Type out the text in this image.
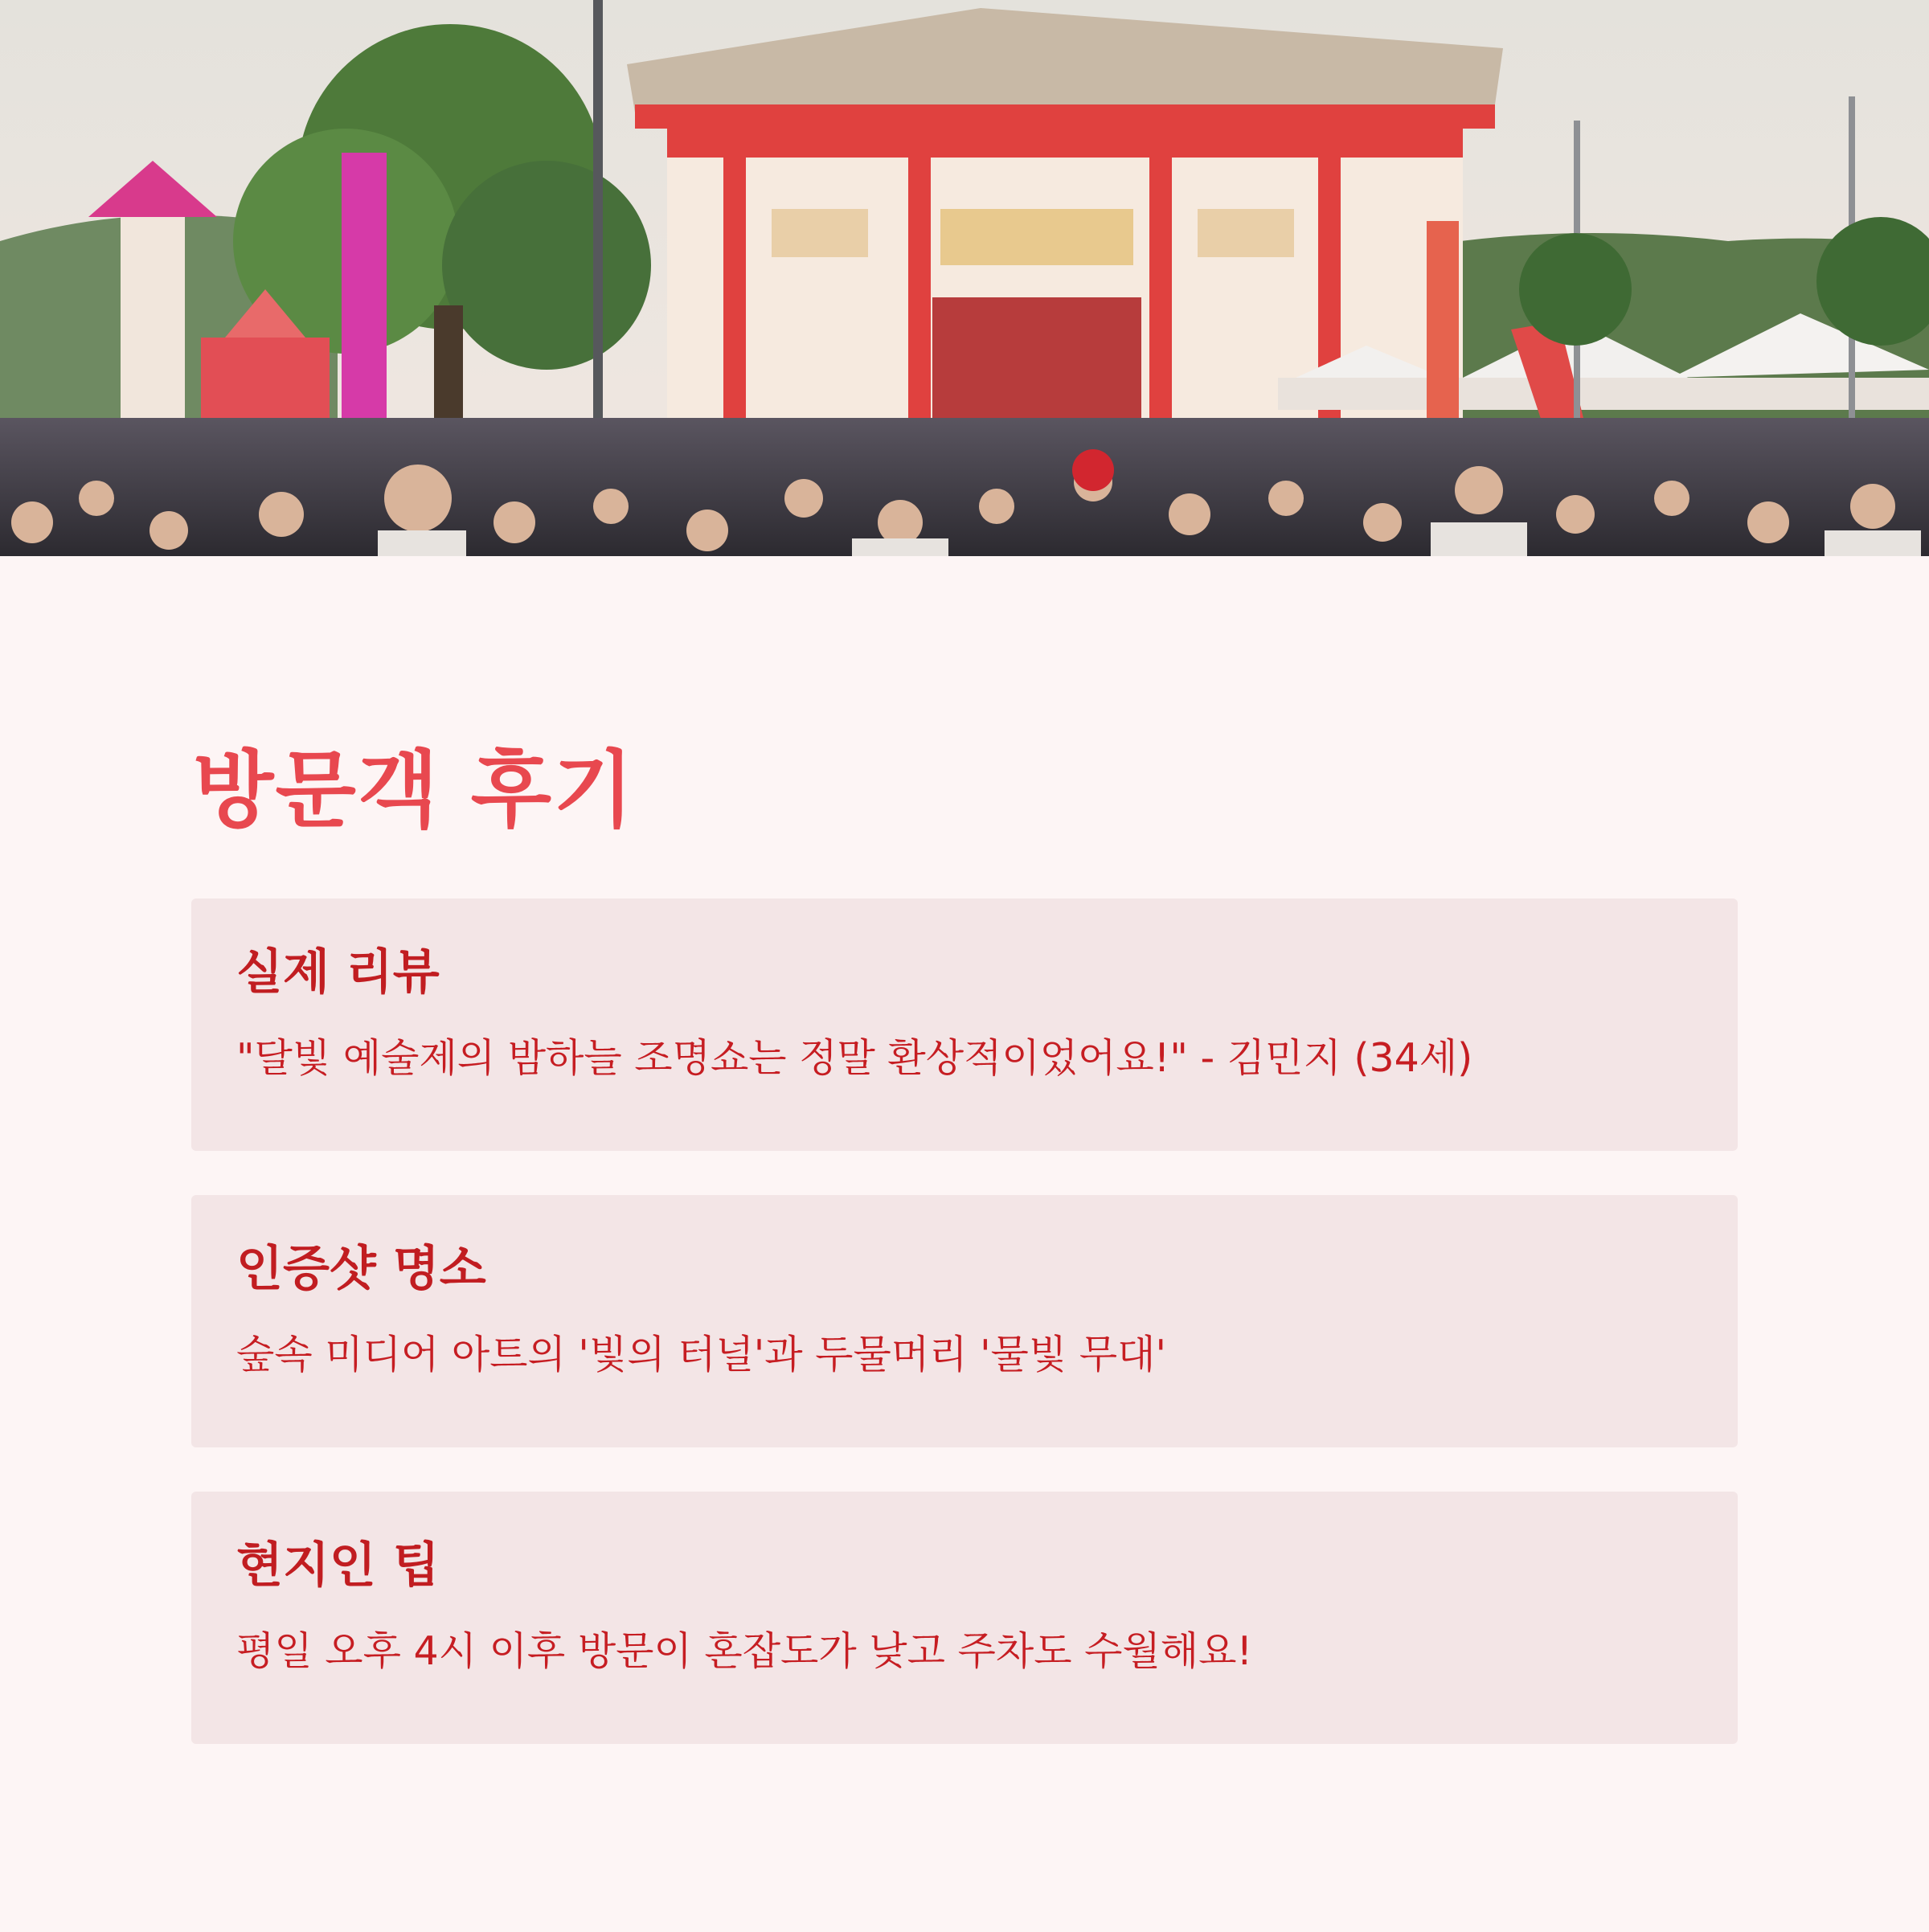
방문객 후기
실제 리뷰

"달빛 예술제의 밤하늘 조명쇼는 정말 환상적이었어요!" - 김민지 (34세)

인증샷 명소

숲속 미디어 아트의 '빛의 터널'과 두물머리 '물빛 무대'

현지인 팁

평일 오후 4시 이후 방문이 혼잡도가 낮고 주차도 수월해요!
